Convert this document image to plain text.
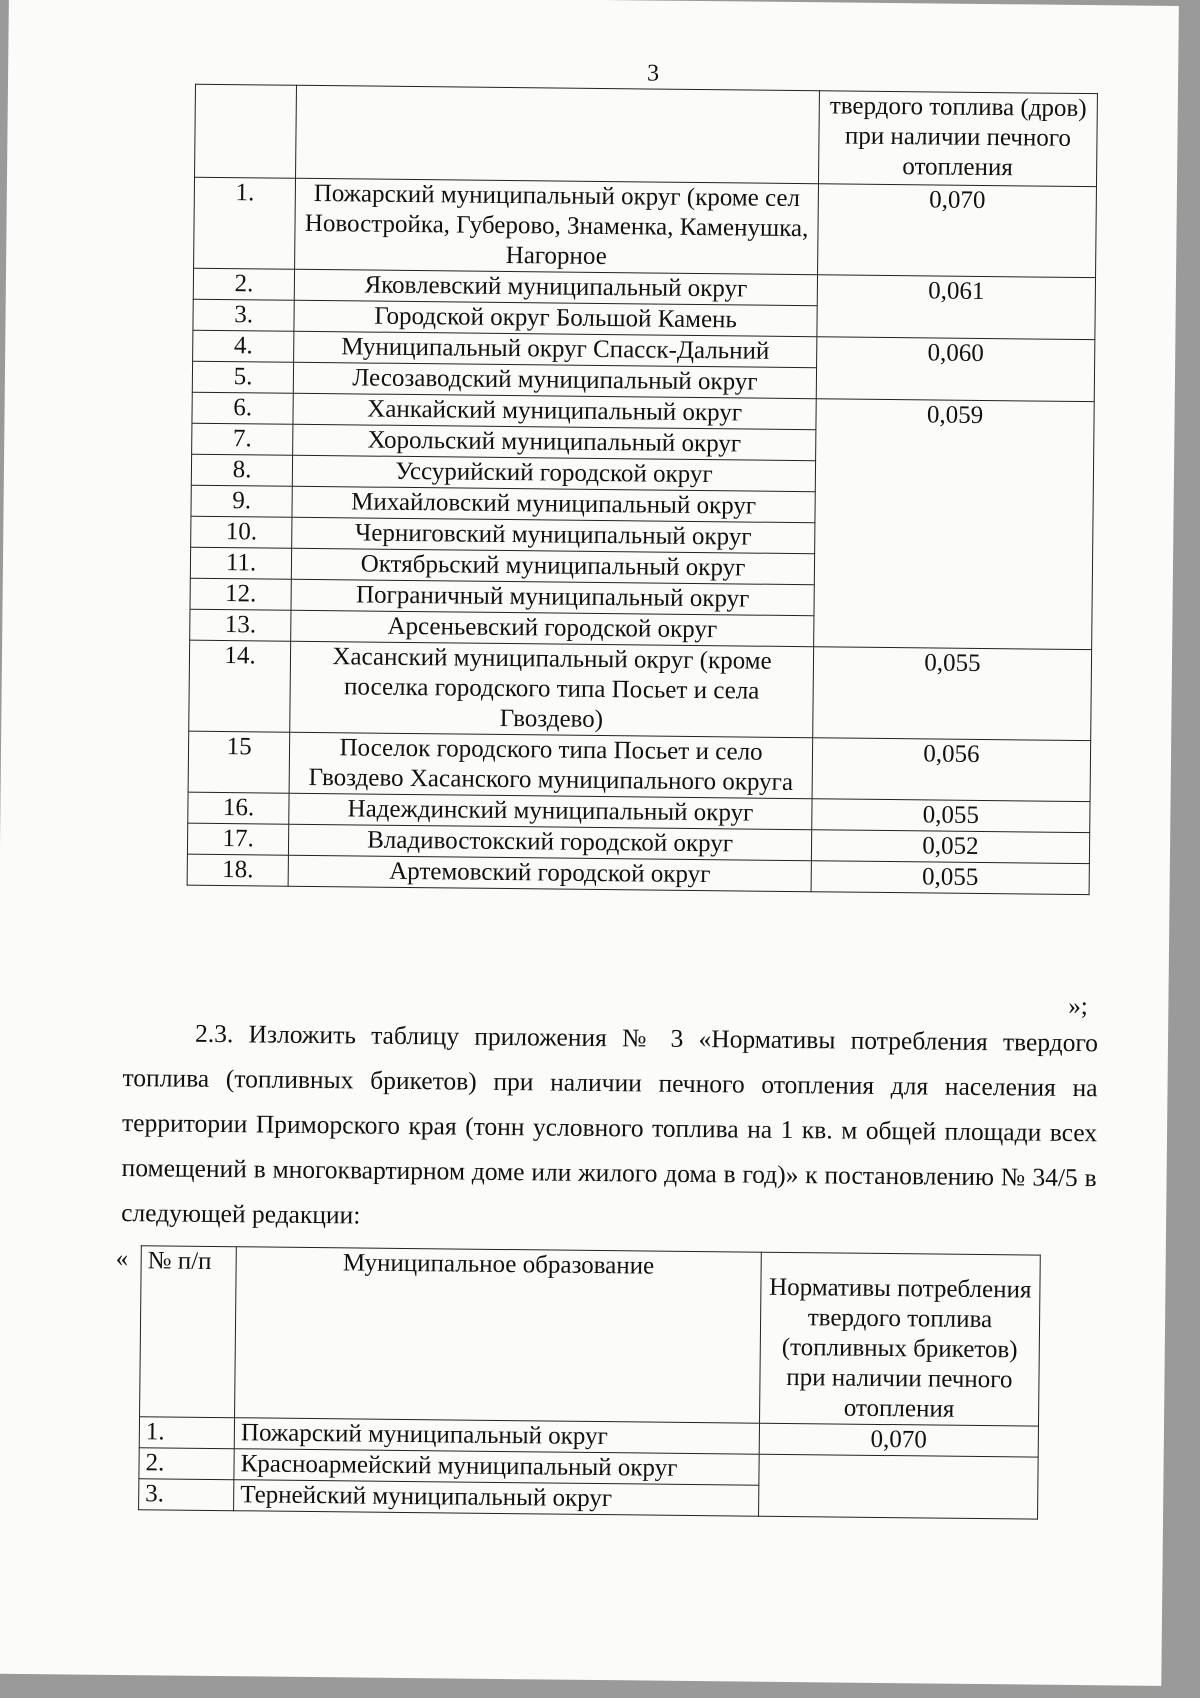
3
		твердого топлива (дров) при наличии печного отопления
1.	Пожарский муниципальный округ (кроме сел Новостройка, Губерово, Знаменка, Каменушка, Нагорное	0,070
2.	Яковлевский муниципальный округ	0,061
3.	Городской округ Большой Камень	
4.	Муниципальный округ Спасск-Дальний	0,060
5.	Лесозаводский муниципальный округ	
6.	Ханкайский муниципальный округ	0,059
7.	Хорольский муниципальный округ	
8.	Уссурийский городской округ	
9.	Михайловский муниципальный округ	
10.	Черниговский муниципальный округ	
11.	Октябрьский муниципальный округ	
12.	Пограничный муниципальный округ	
13.	Арсеньевский городской округ	
14.	Хасанский муниципальный округ (кроме поселка городского типа Посьет и села Гвоздево)	0,055
15	Поселок городского типа Посьет и село Гвоздево Хасанского муниципального округа	0,056
16.	Надеждинский муниципальный округ	0,055
17.	Владивостокский городской округ	0,052
18.	Артемовский городской округ	0,055
»;

2.3. Изложить таблицу приложения № 3 «Нормативы потребления твердого топлива (топливных брикетов) при наличии печного отопления для населения на территории Приморского края (тонн условного топлива на 1 кв. м общей площади всех помещений в многоквартирном доме или жилого дома в год)» к постановлению № 34/5 в следующей редакции:

« № п/п	Муниципальное образование	Нормативы потребления твердого топлива (топливных брикетов) при наличии печного отопления
1.	Пожарский муниципальный округ	0,070
2.	Красноармейский муниципальный округ	
3.	Тернейский муниципальный округ	
